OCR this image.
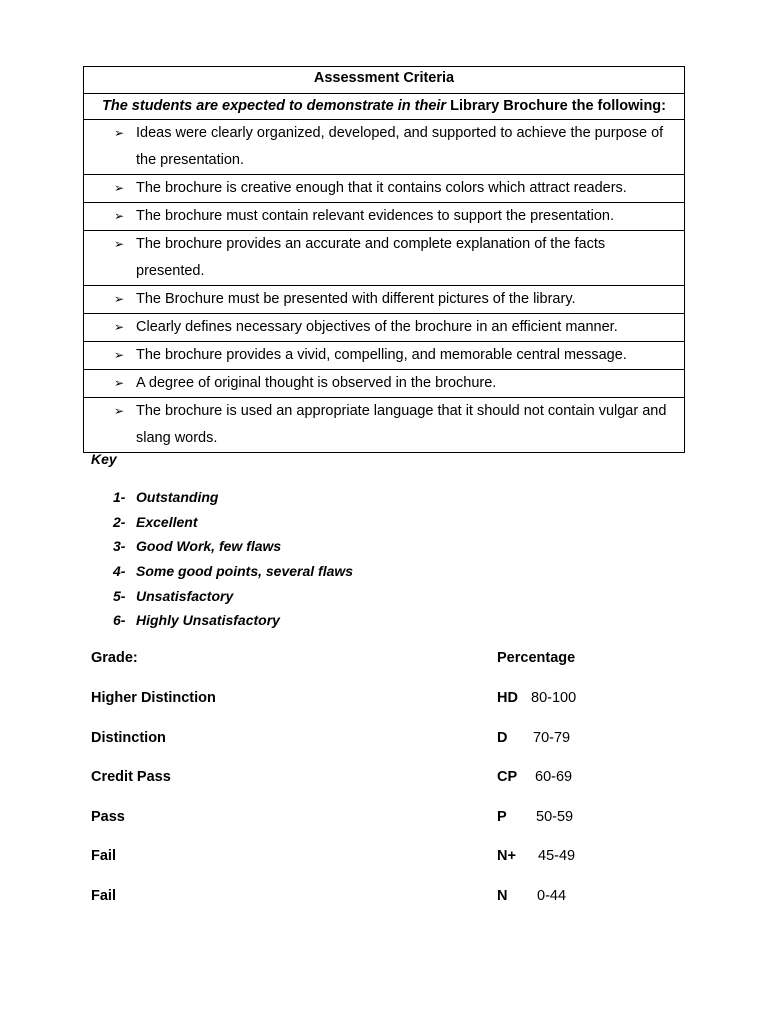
Assessment Criteria
The students are expected to demonstrate in their Library Brochure the following:

➢ Ideas were clearly organized, developed, and supported to achieve the purpose of the presentation.

➢ The brochure is creative enough that it contains colors which attract readers.

➢ The brochure must contain relevant evidences to support the presentation.

➢ The brochure provides an accurate and complete explanation of the facts presented.

➢ The Brochure must be presented with different pictures of the library.

➢ Clearly defines necessary objectives of the brochure in an efficient manner.

➢ The brochure provides a vivid, compelling, and memorable central message.

➢ A degree of original thought is observed in the brochure.

➢ The brochure is used an appropriate language that it should not contain vulgar and slang words.
Key
1- Outstanding
2- Excellent
3- Good Work, few flaws
4- Some good points, several flaws
5- Unsatisfactory
6- Highly Unsatisfactory
Grade:	Percentage
Higher Distinction	HD 80-100
Distinction	D 70-79
Credit Pass	CP 60-69
Pass	P 50-59
Fail	N+ 45-49
Fail	N 0-44
